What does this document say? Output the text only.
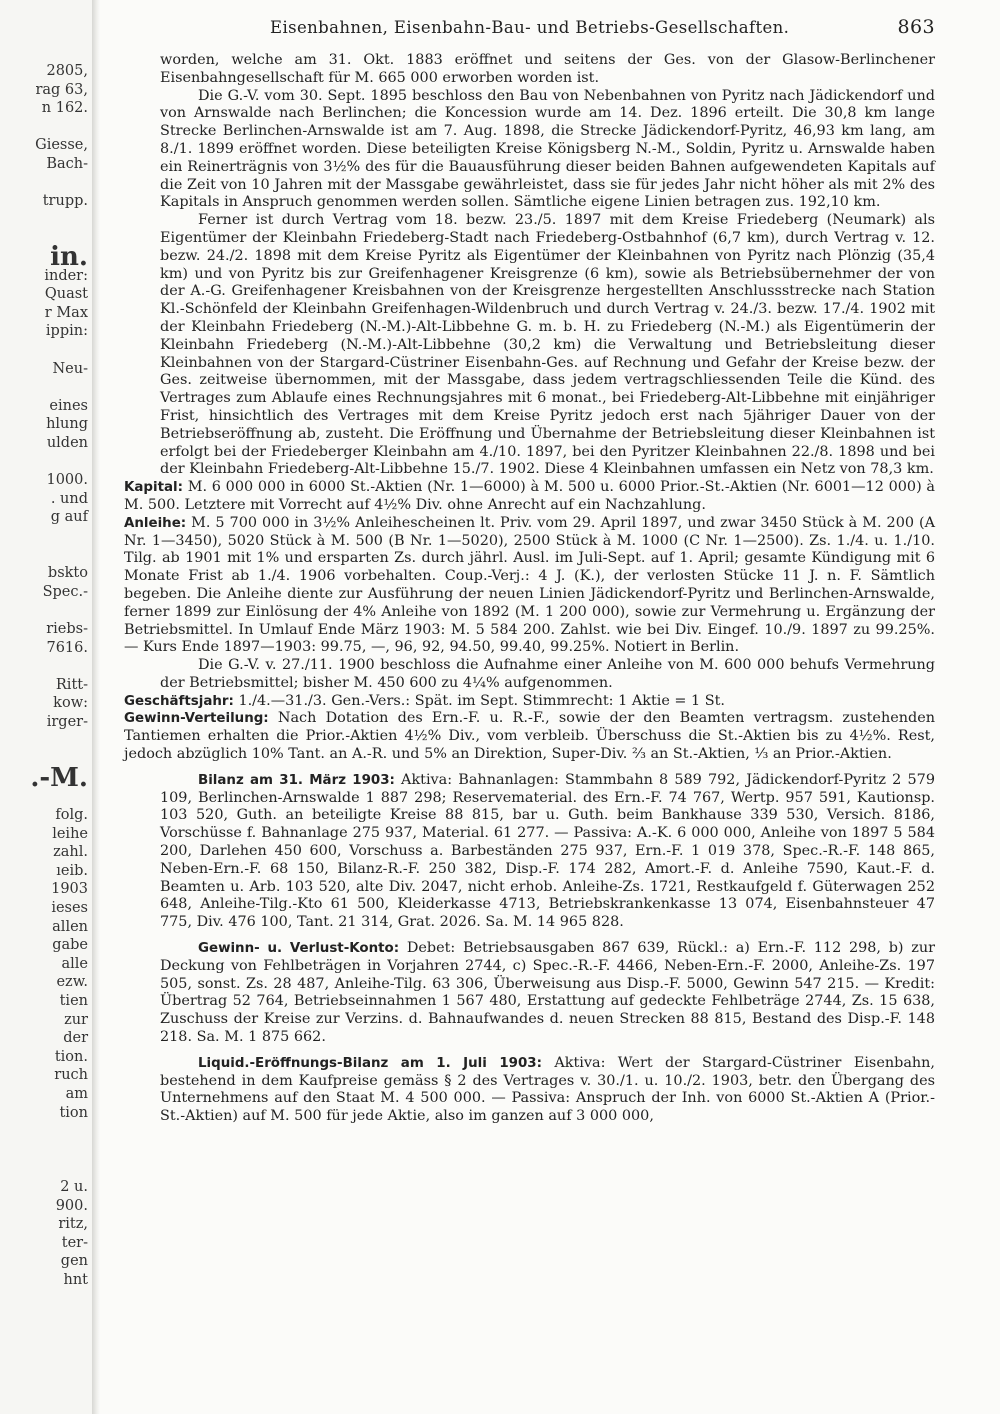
2805,
rag 63,
n 162.
Giesse,
Bach-
trupp.
in.
inder:
Quast
r Max
ippin:
Neu-
eines
hlung
ulden
1000.
. und
g auf
bskto
Spec.-
riebs-
7616.
Ritt-
kow:
irger-
.-M.
folg.
leihe
zahl.
ıeib.
1903
ieses
allen
gabe
alle
ezw.
tien
zur
der
tion.
ruch
am
tion
2 u.
900.
ritz,
ter-
gen
hnt
Eisenbahnen, Eisenbahn-Bau- und Betriebs-Gesellschaften.	863

worden, welche am 31. Okt. 1883 eröffnet und seitens der Ges. von der Glasow-Berlinchener Eisenbahngesellschaft für M. 665 000 erworben worden ist.

Die G.-V. vom 30. Sept. 1895 beschloss den Bau von Nebenbahnen von Pyritz nach Jädickendorf und von Arnswalde nach Berlinchen; die Koncession wurde am 14. Dez. 1896 erteilt. Die 30,8 km lange Strecke Berlinchen-Arnswalde ist am 7. Aug. 1898, die Strecke Jädickendorf-Pyritz, 46,93 km lang, am 8./1. 1899 eröffnet worden. Diese beteiligten Kreise Königsberg N.-M., Soldin, Pyritz u. Arnswalde haben ein Reinerträgnis von 3½% des für die Bauausführung dieser beiden Bahnen aufgewendeten Kapitals auf die Zeit von 10 Jahren mit der Massgabe gewährleistet, dass sie für jedes Jahr nicht höher als mit 2% des Kapitals in Anspruch genommen werden sollen. Sämtliche eigene Linien betragen zus. 192,10 km.

Ferner ist durch Vertrag vom 18. bezw. 23./5. 1897 mit dem Kreise Friedeberg (Neumark) als Eigentümer der Kleinbahn Friedeberg-Stadt nach Friedeberg-Ostbahnhof (6,7 km), durch Vertrag v. 12. bezw. 24./2. 1898 mit dem Kreise Pyritz als Eigentümer der Kleinbahnen von Pyritz nach Plönzig (35,4 km) und von Pyritz bis zur Greifenhagener Kreisgrenze (6 km), sowie als Betriebsübernehmer der von der A.-G. Greifenhagener Kreisbahnen von der Kreisgrenze hergestellten Anschlussstrecke nach Station Kl.-Schönfeld der Kleinbahn Greifenhagen-Wildenbruch und durch Vertrag v. 24./3. bezw. 17./4. 1902 mit der Kleinbahn Friedeberg (N.-M.)-Alt-Libbehne G. m. b. H. zu Friedeberg (N.-M.) als Eigentümerin der Kleinbahn Friedeberg (N.-M.)-Alt-Libbehne (30,2 km) die Verwaltung und Betriebsleitung dieser Kleinbahnen von der Stargard-Cüstriner Eisenbahn-Ges. auf Rechnung und Gefahr der Kreise bezw. der Ges. zeitweise übernommen, mit der Massgabe, dass jedem vertragschliessenden Teile die Künd. des Vertrages zum Ablaufe eines Rechnungsjahres mit 6 monat., bei Friedeberg-Alt-Libbehne mit einjähriger Frist, hinsichtlich des Vertrages mit dem Kreise Pyritz jedoch erst nach 5jähriger Dauer von der Betriebseröffnung ab, zusteht. Die Eröffnung und Übernahme der Betriebsleitung dieser Kleinbahnen ist erfolgt bei der Friedeberger Kleinbahn am 4./10. 1897, bei den Pyritzer Kleinbahnen 22./8. 1898 und bei der Kleinbahn Friedeberg-Alt-Libbehne 15./7. 1902. Diese 4 Kleinbahnen umfassen ein Netz von 78,3 km.

Kapital: M. 6 000 000 in 6000 St.-Aktien (Nr. 1—6000) à M. 500 u. 6000 Prior.-St.-Aktien (Nr. 6001—12 000) à M. 500. Letztere mit Vorrecht auf 4½% Div. ohne Anrecht auf ein Nachzahlung.

Anleihe: M. 5 700 000 in 3½% Anleihescheinen lt. Priv. vom 29. April 1897, und zwar 3450 Stück à M. 200 (A Nr. 1—3450), 5020 Stück à M. 500 (B Nr. 1—5020), 2500 Stück à M. 1000 (C Nr. 1—2500). Zs. 1./4. u. 1./10. Tilg. ab 1901 mit 1% und ersparten Zs. durch jährl. Ausl. im Juli-Sept. auf 1. April; gesamte Kündigung mit 6 Monate Frist ab 1./4. 1906 vorbehalten. Coup.-Verj.: 4 J. (K.), der verlosten Stücke 11 J. n. F. Sämtlich begeben. Die Anleihe diente zur Ausführung der neuen Linien Jädickendorf-Pyritz und Berlinchen-Arnswalde, ferner 1899 zur Einlösung der 4% Anleihe von 1892 (M. 1 200 000), sowie zur Vermehrung u. Ergänzung der Betriebsmittel. In Umlauf Ende März 1903: M. 5 584 200. Zahlst. wie bei Div. Eingef. 10./9. 1897 zu 99.25%. — Kurs Ende 1897—1903: 99.75, —, 96, 92, 94.50, 99.40, 99.25%. Notiert in Berlin.

Die G.-V. v. 27./11. 1900 beschloss die Aufnahme einer Anleihe von M. 600 000 behufs Vermehrung der Betriebsmittel; bisher M. 450 600 zu 4¼% aufgenommen.

Geschäftsjahr: 1./4.—31./3. Gen.-Vers.: Spät. im Sept. Stimmrecht: 1 Aktie = 1 St.

Gewinn-Verteilung: Nach Dotation des Ern.-F. u. R.-F., sowie der den Beamten vertragsm. zustehenden Tantiemen erhalten die Prior.-Aktien 4½% Div., vom verbleib. Überschuss die St.-Aktien bis zu 4½%. Rest, jedoch abzüglich 10% Tant. an A.-R. und 5% an Direktion, Super-Div. ⅔ an St.-Aktien, ⅓ an Prior.-Aktien.

Bilanz am 31. März 1903: Aktiva: Bahnanlagen: Stammbahn 8 589 792, Jädickendorf-Pyritz 2 579 109, Berlinchen-Arnswalde 1 887 298; Reservematerial. des Ern.-F. 74 767, Wertp. 957 591, Kautionsp. 103 520, Guth. an beteiligte Kreise 88 815, bar u. Guth. beim Bankhause 339 530, Versich. 8186, Vorschüsse f. Bahnanlage 275 937, Material. 61 277. — Passiva: A.-K. 6 000 000, Anleihe von 1897 5 584 200, Darlehen 450 600, Vorschuss a. Barbeständen 275 937, Ern.-F. 1 019 378, Spec.-R.-F. 148 865, Neben-Ern.-F. 68 150, Bilanz-R.-F. 250 382, Disp.-F. 174 282, Amort.-F. d. Anleihe 7590, Kaut.-F. d. Beamten u. Arb. 103 520, alte Div. 2047, nicht erhob. Anleihe-Zs. 1721, Restkaufgeld f. Güterwagen 252 648, Anleihe-Tilg.-Kto 61 500, Kleiderkasse 4713, Betriebskrankenkasse 13 074, Eisenbahnsteuer 47 775, Div. 476 100, Tant. 21 314, Grat. 2026. Sa. M. 14 965 828.

Gewinn- u. Verlust-Konto: Debet: Betriebsausgaben 867 639, Rückl.: a) Ern.-F. 112 298, b) zur Deckung von Fehlbeträgen in Vorjahren 2744, c) Spec.-R.-F. 4466, Neben-Ern.-F. 2000, Anleihe-Zs. 197 505, sonst. Zs. 28 487, Anleihe-Tilg. 63 306, Überweisung aus Disp.-F. 5000, Gewinn 547 215. — Kredit: Übertrag 52 764, Betriebseinnahmen 1 567 480, Erstattung auf gedeckte Fehlbeträge 2744, Zs. 15 638, Zuschuss der Kreise zur Verzins. d. Bahnaufwandes d. neuen Strecken 88 815, Bestand des Disp.-F. 148 218. Sa. M. 1 875 662.

Liquid.-Eröffnungs-Bilanz am 1. Juli 1903: Aktiva: Wert der Stargard-Cüstriner Eisenbahn, bestehend in dem Kaufpreise gemäss § 2 des Vertrages v. 30./1. u. 10./2. 1903, betr. den Übergang des Unternehmens auf den Staat M. 4 500 000. — Passiva: Anspruch der Inh. von 6000 St.-Aktien A (Prior.-St.-Aktien) auf M. 500 für jede Aktie, also im ganzen auf 3 000 000,
